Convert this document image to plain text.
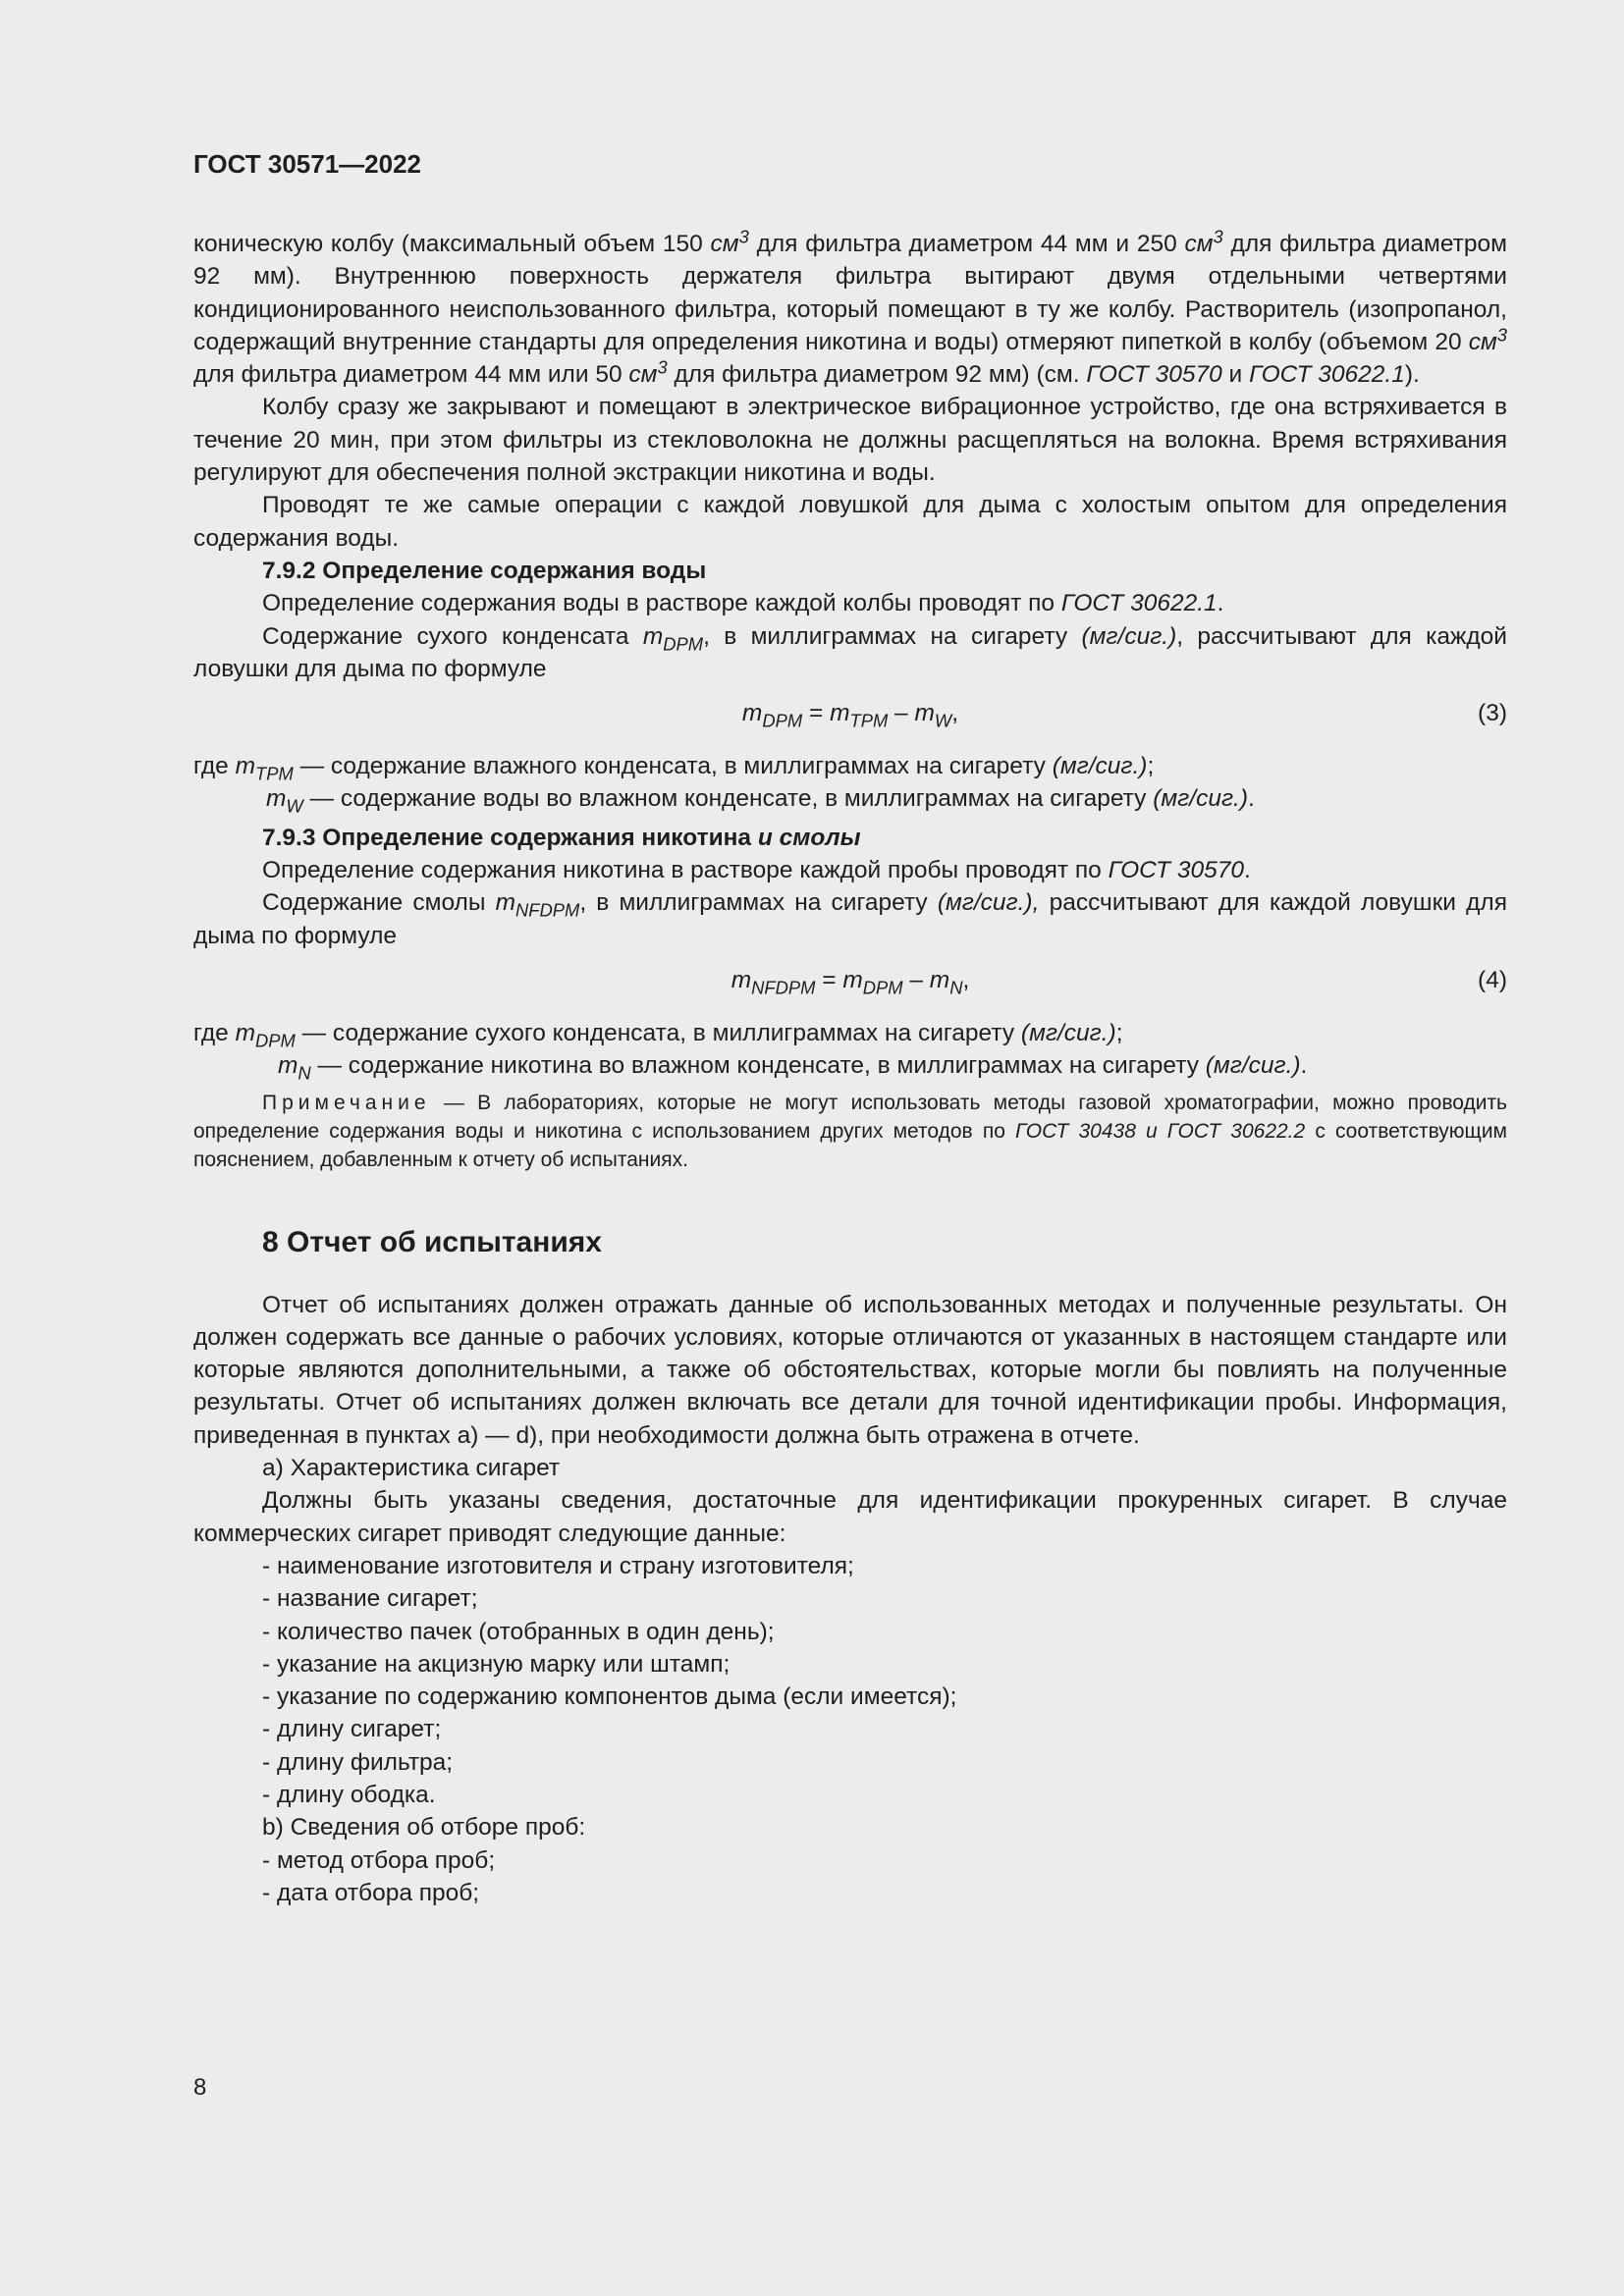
ГОСТ 30571—2022

коническую колбу (максимальный объем 150 $см^3$ для фильтра диаметром 44 мм и 250 $см^3$ для фильтра диаметром 92 мм). Внутреннюю поверхность держателя фильтра вытирают двумя отдельными четвертями кондиционированного неиспользованного фильтра, который помещают в ту же колбу. Растворитель (изопропанол, содержащий внутренние стандарты для определения никотина и воды) отмеряют пипеткой в колбу (объемом 20 $см^3$ для фильтра диаметром 44 мм или 50 $см^3$ для фильтра диаметром 92 мм) (см. ГОСТ 30570 и ГОСТ 30622.1).

Колбу сразу же закрывают и помещают в электрическое вибрационное устройство, где она встряхивается в течение 20 мин, при этом фильтры из стекловолокна не должны расщепляться на волокна. Время встряхивания регулируют для обеспечения полной экстракции никотина и воды.

Проводят те же самые операции с каждой ловушкой для дыма с холостым опытом для определения содержания воды.

7.9.2 Определение содержания воды

Определение содержания воды в растворе каждой колбы проводят по ГОСТ 30622.1.

Содержание сухого конденсата $m_{DPM}$, в миллиграммах на сигарету (мг/сиг.), рассчитывают для каждой ловушки для дыма по формуле

$m_{DPM} = m_{TPM} - m_W$,	(3)

где $m_{TPM}$ — содержание влажного конденсата, в миллиграммах на сигарету (мг/сиг.);

$m_W$ — содержание воды во влажном конденсате, в миллиграммах на сигарету (мг/сиг.).

7.9.3 Определение содержания никотина и смолы

Определение содержания никотина в растворе каждой пробы проводят по ГОСТ 30570.

Содержание смолы $m_{NFDPM}$, в миллиграммах на сигарету (мг/сиг.), рассчитывают для каждой ловушки для дыма по формуле

$m_{NFDPM} = m_{DPM} - m_N$,	(4)

где $m_{DPM}$ — содержание сухого конденсата, в миллиграммах на сигарету (мг/сиг.);

$m_N$ — содержание никотина во влажном конденсате, в миллиграммах на сигарету (мг/сиг.).

Примечание — В лабораториях, которые не могут использовать методы газовой хроматографии, можно проводить определение содержания воды и никотина с использованием других методов по ГОСТ 30438 и ГОСТ 30622.2 с соответствующим пояснением, добавленным к отчету об испытаниях.

8 Отчет об испытаниях

Отчет об испытаниях должен отражать данные об использованных методах и полученные результаты. Он должен содержать все данные о рабочих условиях, которые отличаются от указанных в настоящем стандарте или которые являются дополнительными, а также об обстоятельствах, которые могли бы повлиять на полученные результаты. Отчет об испытаниях должен включать все детали для точной идентификации пробы. Информация, приведенная в пунктах а) — d), при необходимости должна быть отражена в отчете.

а) Характеристика сигарет

Должны быть указаны сведения, достаточные для идентификации прокуренных сигарет. В случае коммерческих сигарет приводят следующие данные:

- наименование изготовителя и страну изготовителя;
- название сигарет;
- количество пачек (отобранных в один день);
- указание на акцизную марку или штамп;
- указание по содержанию компонентов дыма (если имеется);
- длину сигарет;
- длину фильтра;
- длину ободка.
b) Сведения об отборе проб:
- метод отбора проб;
- дата отбора проб;
8
